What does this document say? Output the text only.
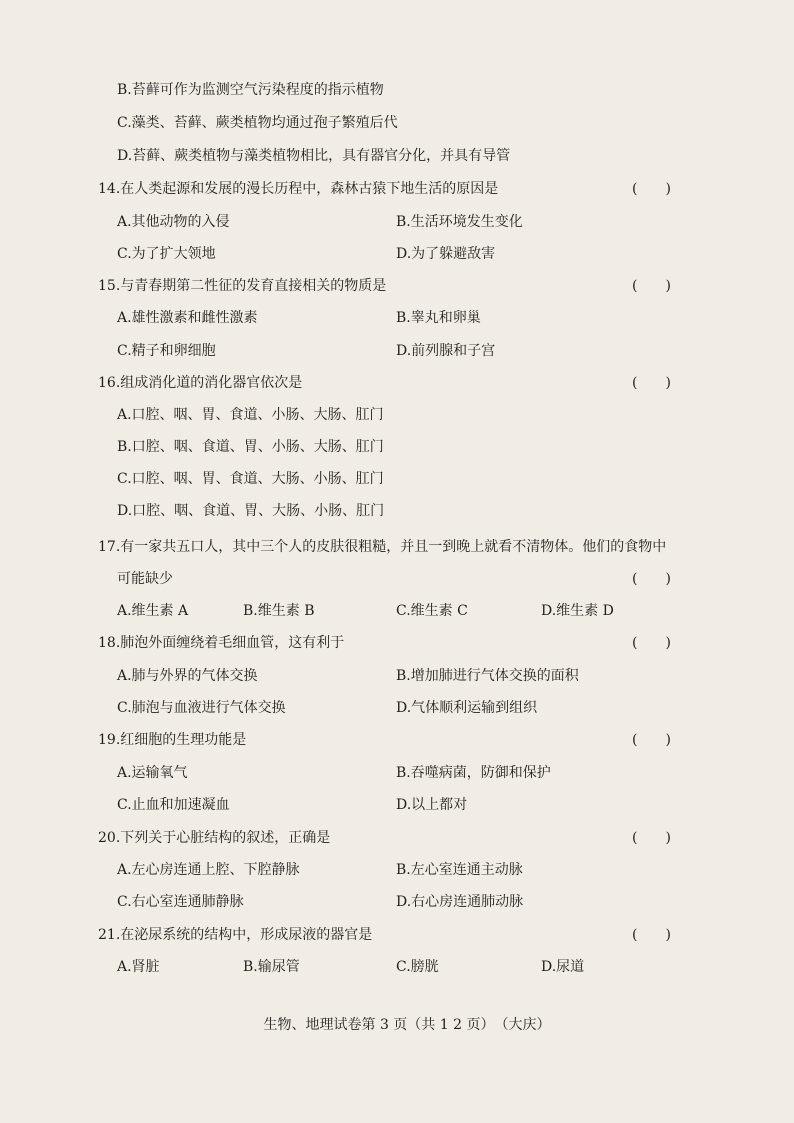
B.苔藓可作为监测空气污染程度的指示植物
C.藻类、苔藓、蕨类植物均通过孢子繁殖后代
D.苔藓、蕨类植物与藻类植物相比，具有器官分化，并具有导管
14.在人类起源和发展的漫长历程中，森林古猿下地生活的原因是	(　　)
A.其他动物的入侵	B.生活环境发生变化
C.为了扩大领地	D.为了躲避敌害
15.与青春期第二性征的发育直接相关的物质是	(　　)
A.雄性激素和雌性激素	B.睾丸和卵巢
C.精子和卵细胞	D.前列腺和子宫
16.组成消化道的消化器官依次是	(　　)
A.口腔、咽、胃、食道、小肠、大肠、肛门
B.口腔、咽、食道、胃、小肠、大肠、肛门
C.口腔、咽、胃、食道、大肠、小肠、肛门
D.口腔、咽、食道、胃、大肠、小肠、肛门
17.有一家共五口人，其中三个人的皮肤很粗糙，并且一到晚上就看不清物体。他们的食物中
可能缺少	(　　)
A.维生素 A	B.维生素 B	C.维生素 C	D.维生素 D
18.肺泡外面缠绕着毛细血管，这有利于	(　　)
A.肺与外界的气体交换	B.增加肺进行气体交换的面积
C.肺泡与血液进行气体交换	D.气体顺利运输到组织
19.红细胞的生理功能是	(　　)
A.运输氧气	B.吞噬病菌，防御和保护
C.止血和加速凝血	D.以上都对
20.下列关于心脏结构的叙述，正确是	(　　)
A.左心房连通上腔、下腔静脉	B.左心室连通主动脉
C.右心室连通肺静脉	D.右心房连通肺动脉
21.在泌尿系统的结构中，形成尿液的器官是	(　　)
A.肾脏	B.输尿管	C.膀胱	D.尿道
生物、地理试卷第 3 页（共 1 2 页）　（大庆）
